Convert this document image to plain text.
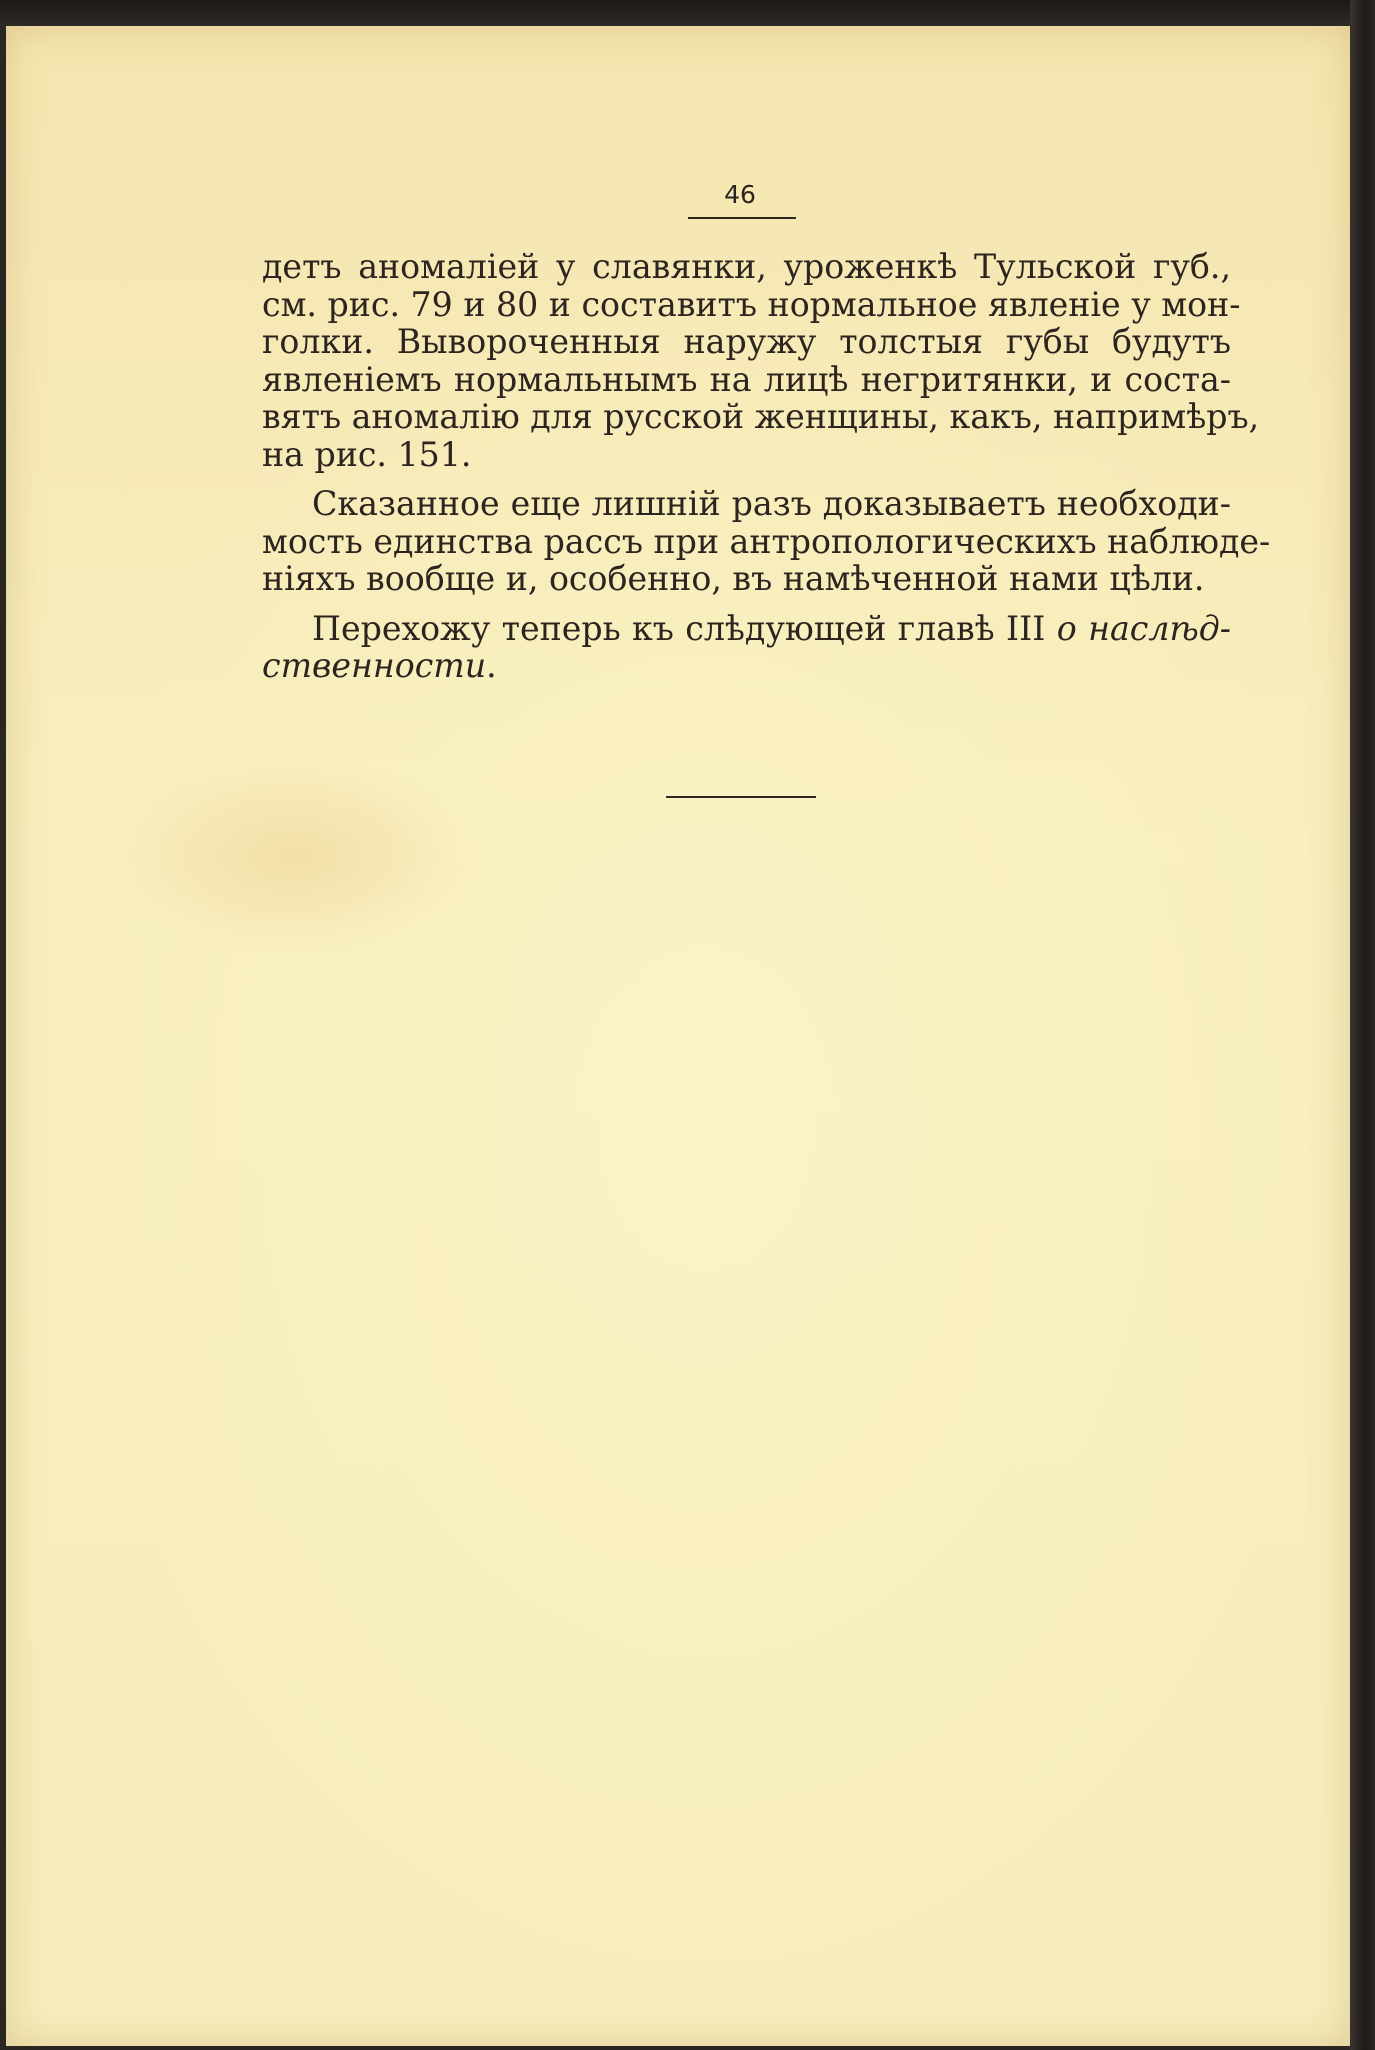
46
детъ аномаліей у славянки, уроженкѣ Тульской губ.,
см. рис. 79 и 80 и составитъ нормальное явленіе у мон-
голки. Вывороченныя наружу толстыя губы будутъ
явленіемъ нормальнымъ на лицѣ негритянки, и соста-
вятъ аномалію для русской женщины, какъ, напримѣръ,
на рис. 151.
Сказанное еще лишній разъ доказываетъ необходи-
мость единства рассъ при антропологическихъ наблюде-
ніяхъ вообще и, особенно, въ намѣченной нами цѣли.
Перехожу теперь къ слѣдующей главѣ III о наслѣд-
ственности.
